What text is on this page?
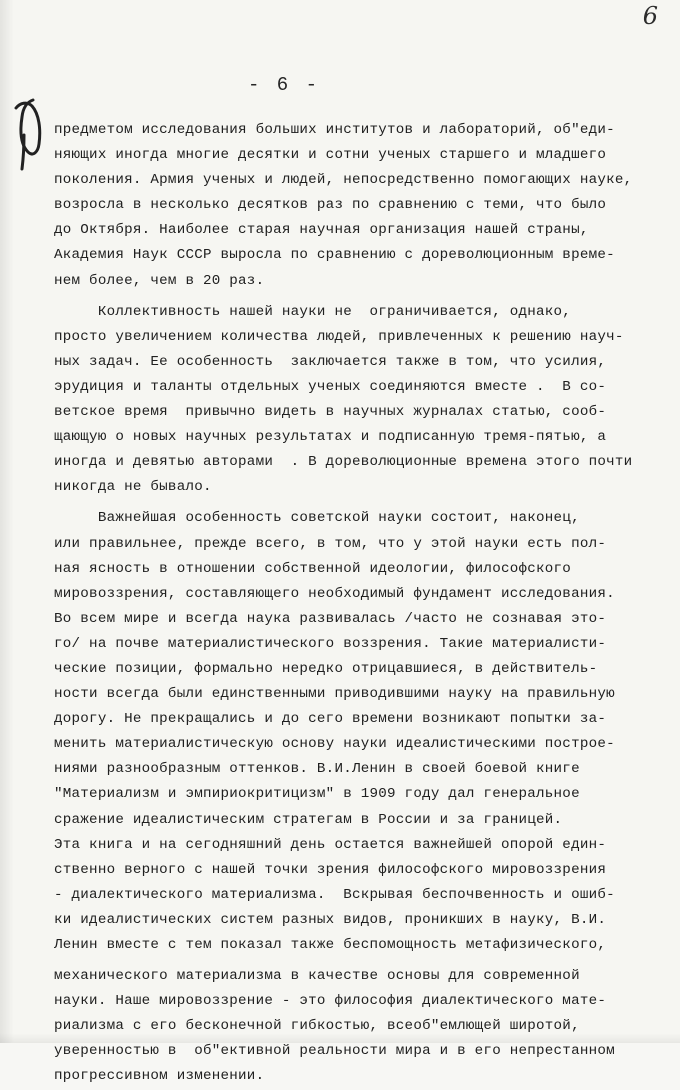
6
- 6 -
предметом исследования больших институтов и лабораторий, об"еди-
няющих иногда многие десятки и сотни ученых старшего и младшего
поколения. Армия ученых и людей, непосредственно помогающих науке,
возросла в несколько десятков раз по сравнению с теми, что было
до Октября. Наиболее старая научная организация нашей страны,
Академия Наук СССР выросла по сравнению с дореволюционным време-
нем более, чем в 20 раз.
Коллективность нашей науки не  ограничивается, однако,
просто увеличением количества людей, привлеченных к решению науч-
ных задач. Ее особенность  заключается также в том, что усилия,
эрудиция и таланты отдельных ученых соединяются вместе .  В со-
ветское время  привычно видеть в научных журналах статью, сооб-
щающую о новых научных результатах и подписанную тремя-пятью, а
иногда и девятью авторами  . В дореволюционные времена этого почти
никогда не бывало.
Важнейшая особенность советской науки состоит, наконец,
или правильнее, прежде всего, в том, что у этой науки есть пол-
ная ясность в отношении собственной идеологии, философского
мировоззрения, составляющего необходимый фундамент исследования.
Во всем мире и всегда наука развивалась /часто не сознавая это-
го/ на почве материалистического воззрения. Такие материалисти-
ческие позиции, формально нередко отрицавшиеся, в действитель-
ности всегда были единственными приводившими науку на правильную
дорогу. Не прекращались и до сего времени возникают попытки за-
менить материалистическую основу науки идеалистическими построе-
ниями разнообразным оттенков. В.И.Ленин в своей боевой книге
"Материализм и эмпириокритицизм" в 1909 году дал генеральное
сражение идеалистическим стратегам в России и за границей.
Эта книга и на сегодняшний день остается важнейшей опорой един-
ственно верного с нашей точки зрения философского мировоззрения
- диалектического материализма.  Вскрывая беспочвенность и ошиб-
ки идеалистических систем разных видов, проникших в науку, В.И.
Ленин вместе с тем показал также беспомощность метафизического,
механического материализма в качестве основы для современной
науки. Наше мировоззрение - это философия диалектического мате-
риализма с его бесконечной гибкостью, всеоб"емлющей широтой,
уверенностью в  об"ективной реальности мира и в его непрестанном
прогрессивном изменении.
